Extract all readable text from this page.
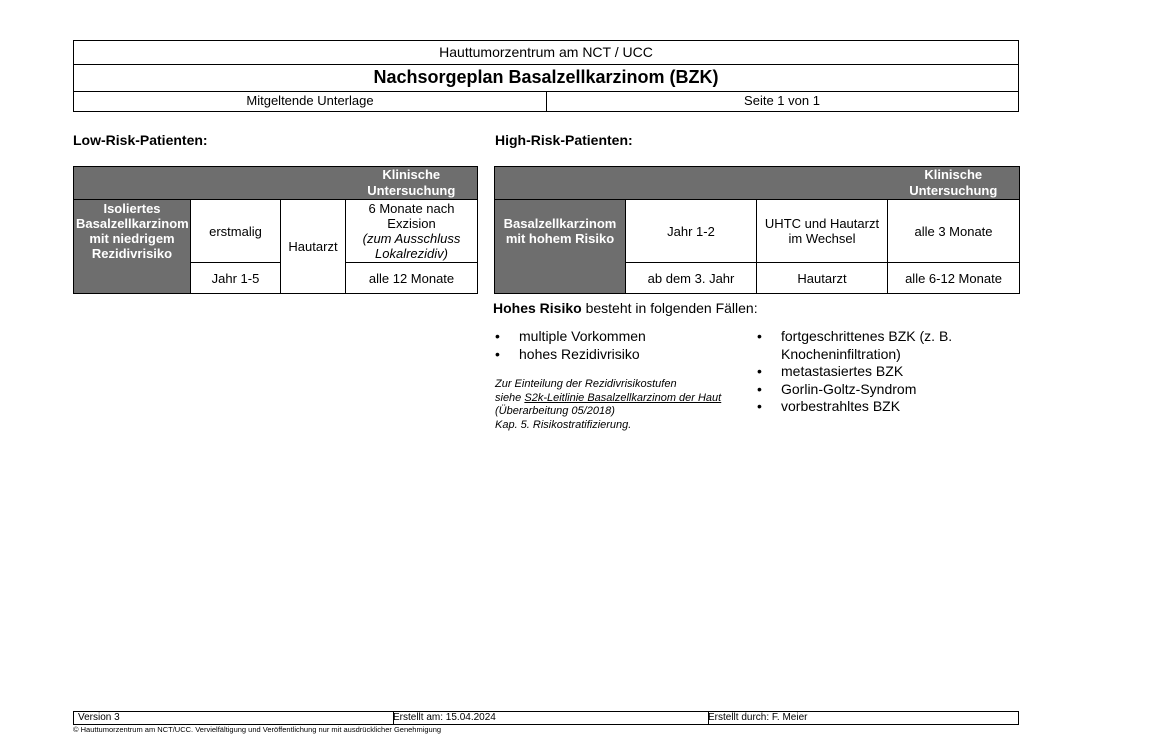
Hauttumorzentrum am NCT / UCC
Nachsorgeplan Basalzellkarzinom (BZK)
Mitgeltende Unterlage	Seite 1 von 1
Low-Risk-Patienten:
			Klinische Untersuchung

Isoliertes Basalzellkarzinom mit niedrigem Rezidivrisiko	erstmalig	Hautarzt	6 Monate nach Exzision
(zum Ausschluss Lokalrezidiv)

	Jahr 1-5		alle 12 Monate
High-Risk-Patienten:
			Klinische Untersuchung

Basalzellkarzinom mit hohem Risiko	Jahr 1-2	UHTC und Hautarzt im Wechsel	alle 3 Monate
	ab dem 3. Jahr	Hautarzt	alle 6-12 Monate
Hohes Risiko besteht in folgenden Fällen:
• multiple Vorkommen
• hohes Rezidivrisiko
• fortgeschrittenes BZK (z. B. Knocheninfiltration)
• metastasiertes BZK
• Gorlin-Goltz-Syndrom
• vorbestrahltes BZK
Zur Einteilung der Rezidivrisikostufen
siehe S2k-Leitlinie Basalzellkarzinom der Haut
(Überarbeitung 05/2018)
Kap. 5. Risikostratifizierung.
Version 3	Erstellt am: 15.04.2024	Erstellt durch: F. Meier
© Hauttumorzentrum am NCT/UCC. Vervielfältigung und Veröffentlichung nur mit ausdrücklicher Genehmigung
